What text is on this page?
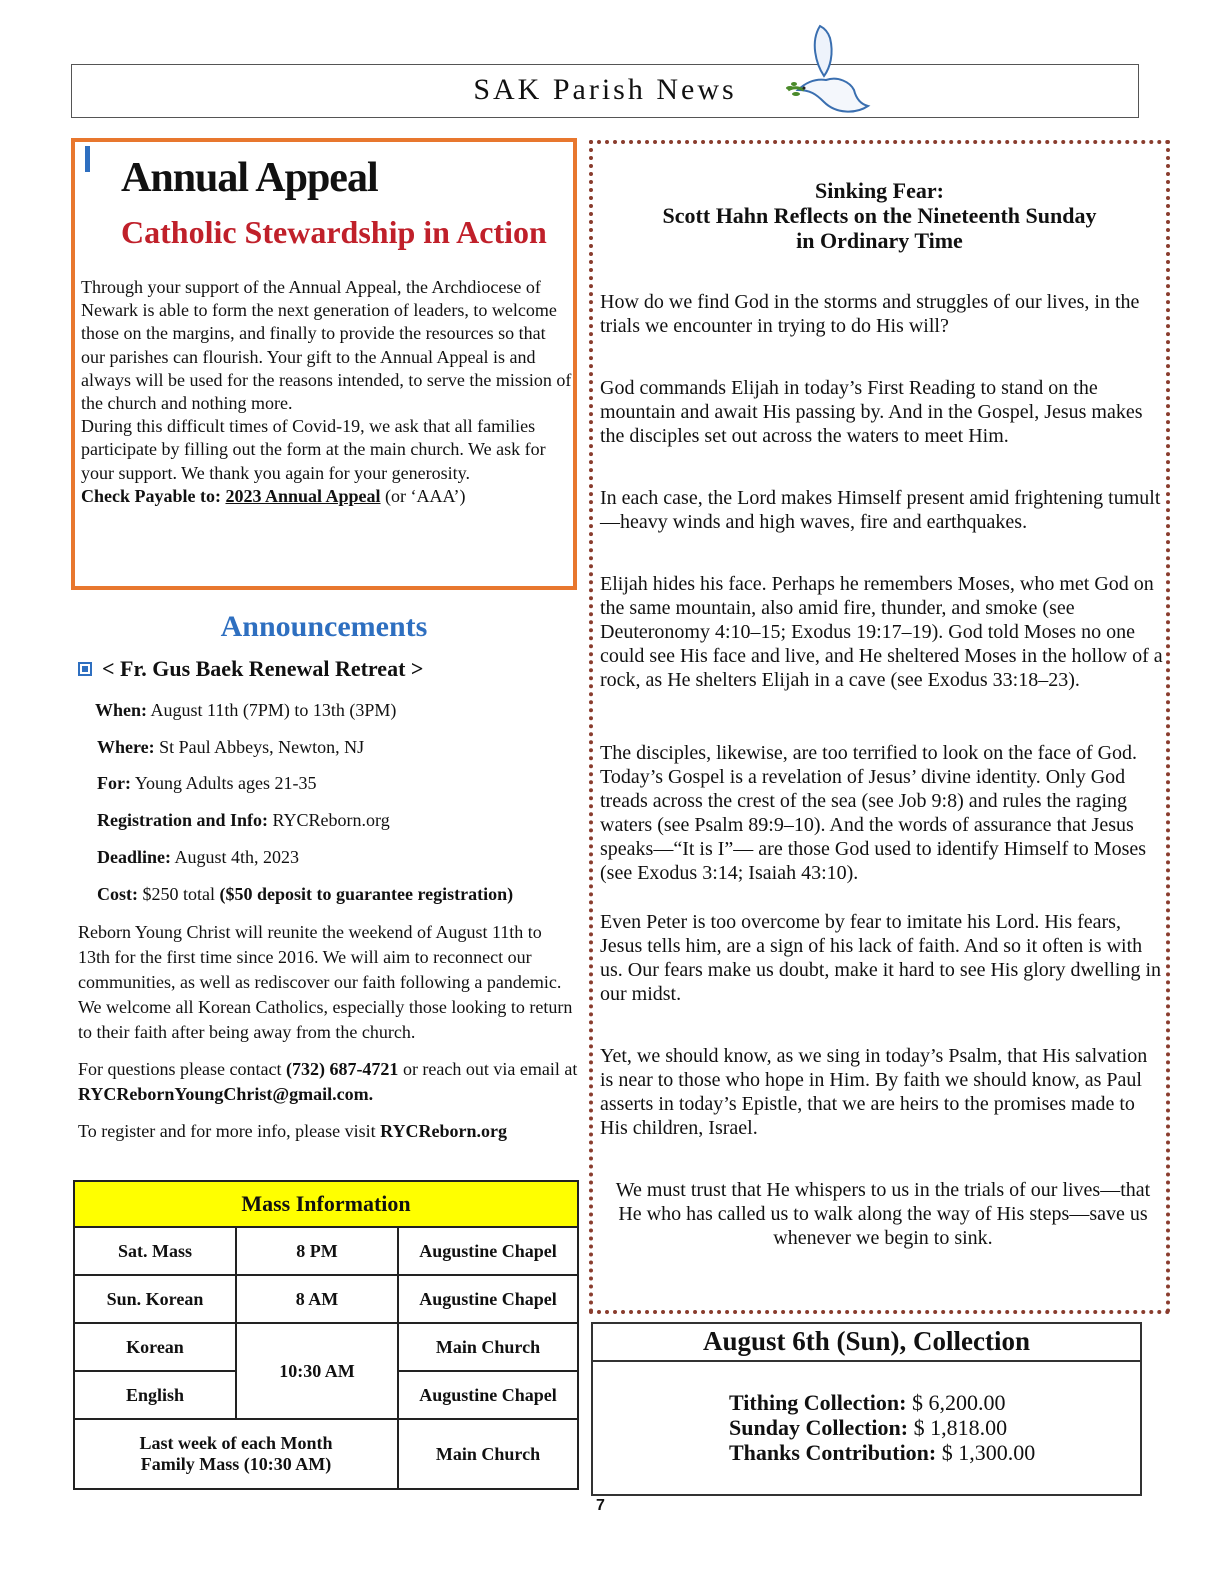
SAK Parish News
Annual Appeal
Catholic Stewardship in Action

Through your support of the Annual Appeal, the Archdiocese of Newark is able to form the next generation of leaders, to welcome those on the margins, and finally to provide the resources so that our parishes can flourish. Your gift to the Annual Appeal is and always will be used for the reasons intended, to serve the mission of the church and nothing more.

During this difficult times of Covid-19, we ask that all families participate by filling out the form at the main church. We ask for your support. We thank you again for your generosity.

Check Payable to: 2023 Annual Appeal (or ‘AAA’)

Announcements
< Fr. Gus Baek Renewal Retreat >
When: August 11th (7PM) to 13th (3PM)
Where: St Paul Abbeys, Newton, NJ
For: Young Adults ages 21-35
Registration and Info: RYCReborn.org
Deadline: August 4th, 2023
Cost: $250 total ($50 deposit to guarantee registration)

Reborn Young Christ will reunite the weekend of August 11th to 13th for the first time since 2016. We will aim to reconnect our communities, as well as rediscover our faith following a pandemic.

We welcome all Korean Catholics, especially those looking to return to their faith after being away from the church.

For questions please contact (732) 687-4721 or reach out via email at RYCRebornYoungChrist@gmail.com.

To register and for more info, please visit RYCReborn.org

Mass Information		
Sat. Mass	8 PM	Augustine Chapel
Sun. Korean	8 AM	Augustine Chapel
Korean	10:30 AM	Main Church
English		Augustine Chapel

Last week of each Month
Family Mass (10:30 AM)		Main Church
Sinking Fear:
Scott Hahn Reflects on the Nineteenth Sunday
in Ordinary Time
How do we find God in the storms and struggles of our lives, in the trials we encounter in trying to do His will?
God commands Elijah in today’s First Reading to stand on the mountain and await His passing by. And in the Gospel, Jesus makes the disciples set out across the waters to meet Him.
In each case, the Lord makes Himself present amid frightening tumult—heavy winds and high waves, fire and earthquakes.
Elijah hides his face. Perhaps he remembers Moses, who met God on the same mountain, also amid fire, thunder, and smoke (see Deuteronomy 4:10–15; Exodus 19:17–19). God told Moses no one could see His face and live, and He sheltered Moses in the hollow of a rock, as He shelters Elijah in a cave (see Exodus 33:18–23).
The disciples, likewise, are too terrified to look on the face of God. Today’s Gospel is a revelation of Jesus’ divine identity. Only God treads across the crest of the sea (see Job 9:8) and rules the raging waters (see Psalm 89:9–10). And the words of assurance that Jesus speaks—“It is I”— are those God used to identify Himself to Moses (see Exodus 3:14; Isaiah 43:10).
Even Peter is too overcome by fear to imitate his Lord. His fears, Jesus tells him, are a sign of his lack of faith. And so it often is with us. Our fears make us doubt, make it hard to see His glory dwelling in our midst.
Yet, we should know, as we sing in today’s Psalm, that His salvation is near to those who hope in Him. By faith we should know, as Paul asserts in today’s Epistle, that we are heirs to the promises made to His children, Israel.
We must trust that He whispers to us in the trials of our lives—that He who has called us to walk along the way of His steps—save us whenever we begin to sink.
August 6th (Sun), Collection
Tithing Collection: $ 6,200.00
Sunday Collection: $ 1,818.00
Thanks Contribution: $ 1,300.00
7
